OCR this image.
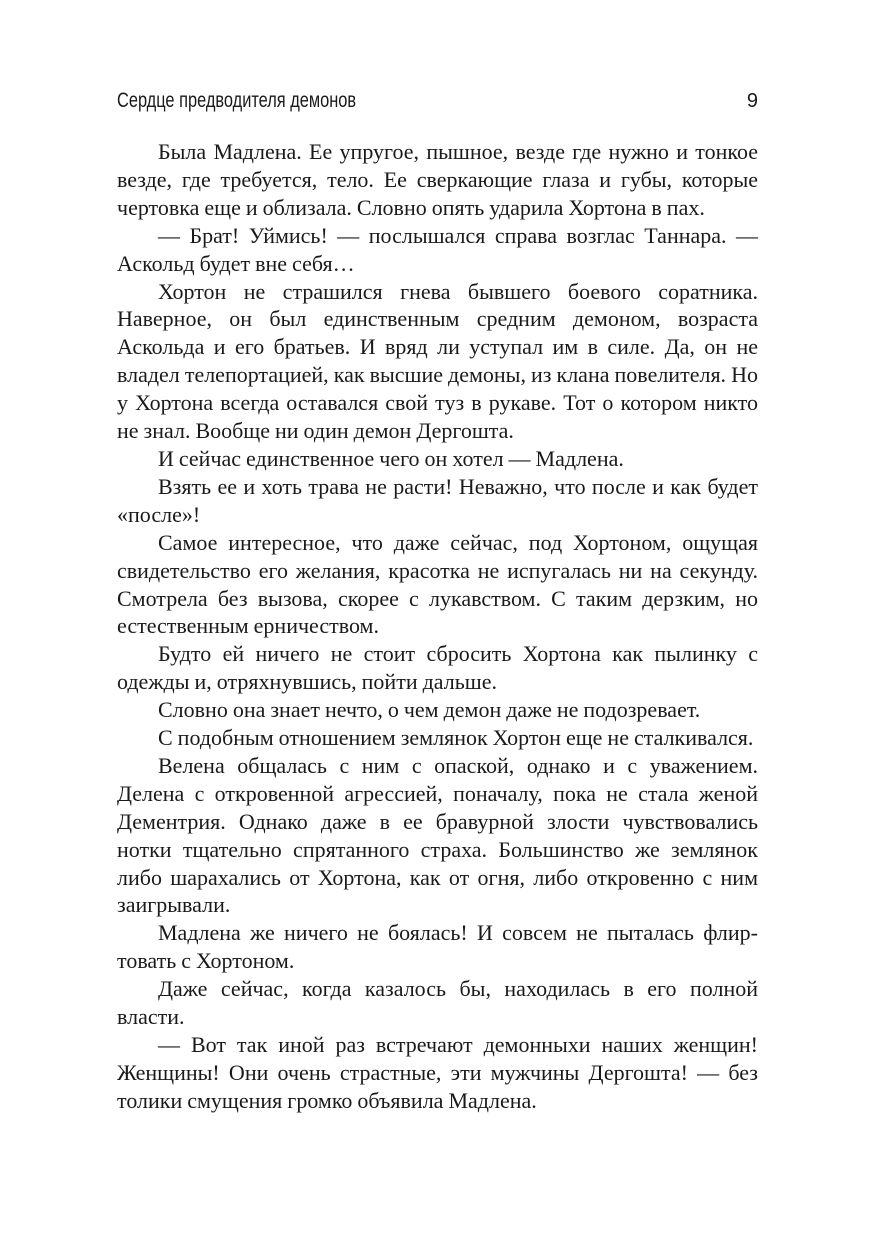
Сердце предводителя демонов	9

Была Мадлена. Ее упругое, пышное, везде где нужно и тонкое везде, где требуется, тело. Ее сверкающие глаза и губы, которые чертовка еще и облизала. Словно опять ударила Хортона в пах.

— Брат! Уймись! — послышался справа возглас Таннара. — Аскольд будет вне себя…

Хортон не страшился гнева бывшего боевого соратника. Наверное, он был единственным средним демоном, возраста Аскольда и его братьев. И вряд ли уступал им в силе. Да, он не владел телепортацией, как высшие демоны, из клана повелителя. Но у Хортона всегда оставался свой туз в рукаве. Тот о котором никто не знал. Вообще ни один демон Дергошта.

И сейчас единственное чего он хотел — Мадлена.

Взять ее и хоть трава не расти! Неважно, что после и как будет «после»!

Самое интересное, что даже сейчас, под Хортоном, ощущая свидетельство его желания, красотка не испугалась ни на секунду. Смотрела без вызова, скорее с лукавством. С таким дерзким, но естественным ерничеством.

Будто ей ничего не стоит сбросить Хортона как пылинку с одежды и, отряхнувшись, пойти дальше.

Словно она знает нечто, о чем демон даже не подозревает.

С подобным отношением землянок Хортон еще не сталкивался.

Велена общалась с ним с опаской, однако и с уважением. Делена с откровенной агрессией, поначалу, пока не стала женой Дементрия. Однако даже в ее бравурной злости чувствовались нотки тщательно спрятанного страха. Большинство же землянок либо шарахались от Хортона, как от огня, либо откровенно с ним заигрывали.

Мадлена же ничего не боялась! И совсем не пыталась флиртовать с Хортоном.

Даже сейчас, когда казалось бы, находилась в его полной власти.

— Вот так иной раз встречают демонныхи наших женщин! Женщины! Они очень страстные, эти мужчины Дергошта! — без толики смущения громко объявила Мадлена.
